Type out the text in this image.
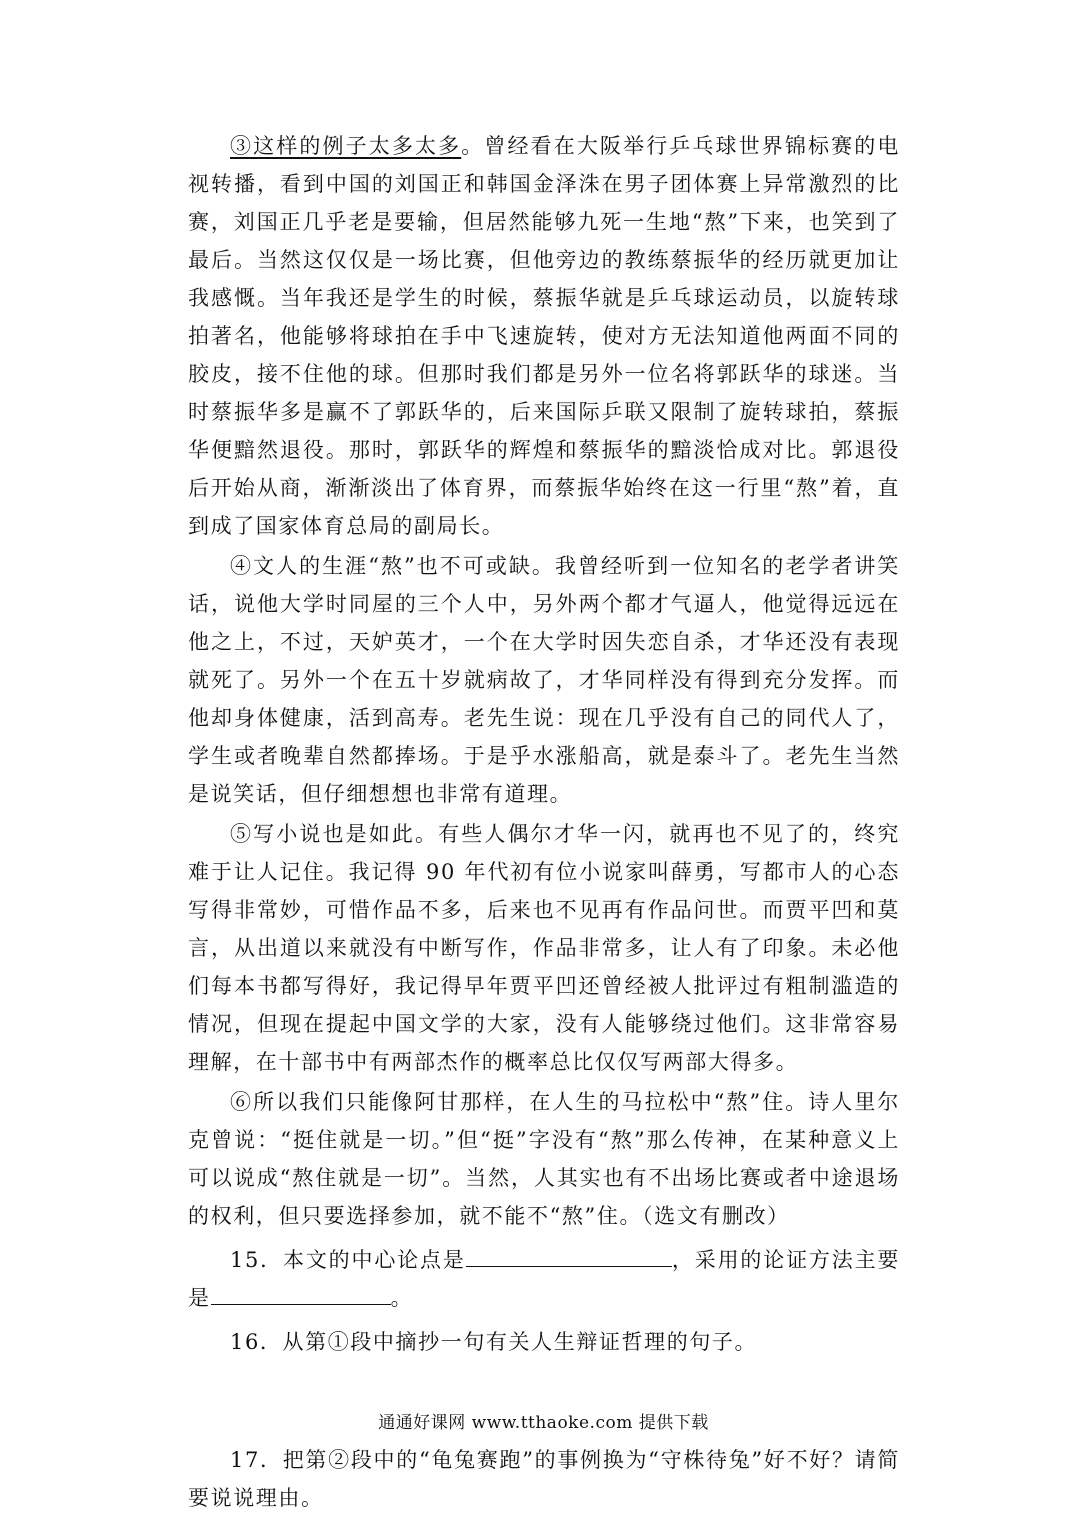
③这样的例子太多太多。曾经看在大阪举行乒乓球世界锦标赛的电视转播，看到中国的刘国正和韩国金泽洙在男子团体赛上异常激烈的比赛，刘国正几乎老是要输，但居然能够九死一生地“熬”下来，也笑到了最后。当然这仅仅是一场比赛，但他旁边的教练蔡振华的经历就更加让我感慨。当年我还是学生的时候，蔡振华就是乒乓球运动员，以旋转球拍著名，他能够将球拍在手中飞速旋转，使对方无法知道他两面不同的胶皮，接不住他的球。但那时我们都是另外一位名将郭跃华的球迷。当时蔡振华多是赢不了郭跃华的，后来国际乒联又限制了旋转球拍，蔡振华便黯然退役。那时，郭跃华的辉煌和蔡振华的黯淡恰成对比。郭退役后开始从商，渐渐淡出了体育界，而蔡振华始终在这一行里“熬”着，直到成了国家体育总局的副局长。

④文人的生涯“熬”也不可或缺。我曾经听到一位知名的老学者讲笑话，说他大学时同屋的三个人中，另外两个都才气逼人，他觉得远远在他之上，不过，天妒英才，一个在大学时因失恋自杀，才华还没有表现就死了。另外一个在五十岁就病故了，才华同样没有得到充分发挥。而他却身体健康，活到高寿。老先生说：现在几乎没有自己的同代人了，学生或者晚辈自然都捧场。于是乎水涨船高，就是泰斗了。老先生当然是说笑话，但仔细想想也非常有道理。

⑤写小说也是如此。有些人偶尔才华一闪，就再也不见了的，终究难于让人记住。我记得 90 年代初有位小说家叫薛勇，写都市人的心态写得非常妙，可惜作品不多，后来也不见再有作品问世。而贾平凹和莫言，从出道以来就没有中断写作，作品非常多，让人有了印象。未必他们每本书都写得好，我记得早年贾平凹还曾经被人批评过有粗制滥造的情况，但现在提起中国文学的大家，没有人能够绕过他们。这非常容易理解，在十部书中有两部杰作的概率总比仅仅写两部大得多。

⑥所以我们只能像阿甘那样，在人生的马拉松中“熬”住。诗人里尔克曾说：“挺住就是一切。”但“挺”字没有“熬”那么传神，在某种意义上可以说成“熬住就是一切”。当然，人其实也有不出场比赛或者中途退场的权利，但只要选择参加，就不能不“熬”住。（选文有删改）

15．本文的中心论点是	，采用的论证方法主要是	。

16．从第①段中摘抄一句有关人生辩证哲理的句子。

17．把第②段中的“龟兔赛跑”的事例换为“守株待兔”好不好？请简要说说理由。

通通好课网 www.tthaoke.com 提供下载
